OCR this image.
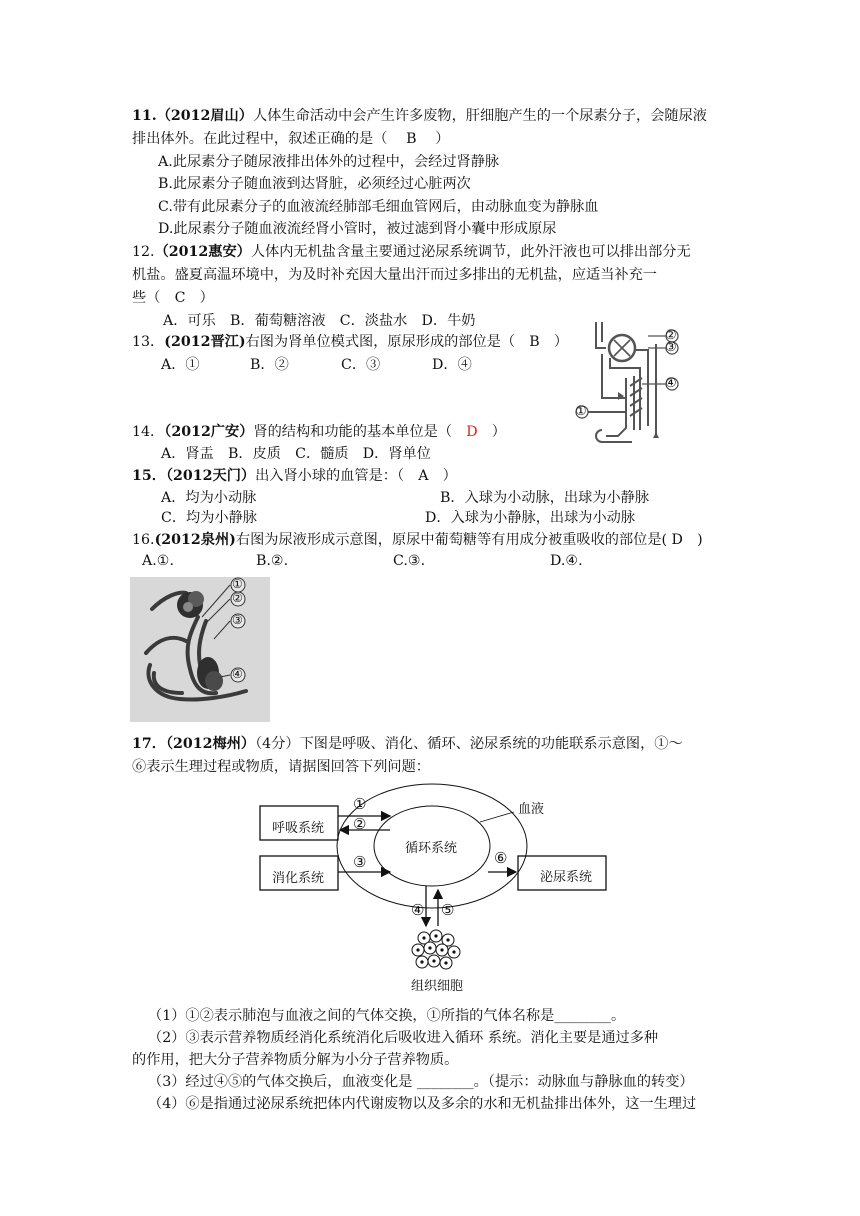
11.（2012眉山）人体生命活动中会产生许多废物，肝细胞产生的一个尿素分子，会随尿液
排出体外。在此过程中，叙述正确的是（　 B　 ）
A.此尿素分子随尿液排出体外的过程中，会经过肾静脉
B.此尿素分子随血液到达肾脏，必须经过心脏两次
C.带有此尿素分子的血液流经肺部毛细血管网后，由动脉血变为静脉血
D.此尿素分子随血液流经肾小管时，被过滤到肾小囊中形成原尿
12.（2012惠安）人体内无机盐含量主要通过泌尿系统调节，此外汗液也可以排出部分无
机盐。盛夏高温环境中，为及时补充因大量出汗而过多排出的无机盐，应适当补充一
些（　C　）
A．可乐　B．葡萄糖溶液　C．淡盐水　D．牛奶
13．(2012晋江)右图为肾单位模式图，原尿形成的部位是（　B　）
A．①	B．②	C．③	D．④
②
③
④
①
14．（2012广安）肾的结构和功能的基本单位是（　D　）
A．肾盂　B．皮质　C．髓质　D．肾单位
15．（2012天门）出入肾小球的血管是：（　A　）
A．均为小动脉	B．入球为小动脉，出球为小静脉
C．均为小静脉	D．入球为小静脉，出球为小动脉
16.(2012泉州)右图为尿液形成示意图，原尿中葡萄糖等有用成分被重吸收的部位是( D　)
A.①.	B.②.	C.③.	D.④.
①
②
③
④
17．（2012梅州）（4分）下图是呼吸、消化、循环、泌尿系统的功能联系示意图，①～
⑥表示生理过程或物质，请据图回答下列问题：
呼吸系统
消化系统	泌尿系统
循环系统
血液
组织细胞
①
②
③
④ ⑤
⑥
（1）①②表示肺泡与血液之间的气体交换，①所指的气体名称是________。
（2）③表示营养物质经消化系统消化后吸收进入循环 系统。消化主要是通过多种
的作用，把大分子营养物质分解为小分子营养物质。
（3）经过④⑤的气体交换后，血液变化是 ________。（提示：动脉血与静脉血的转变）
（4）⑥是指通过泌尿系统把体内代谢废物以及多余的水和无机盐排出体外，这一生理过
